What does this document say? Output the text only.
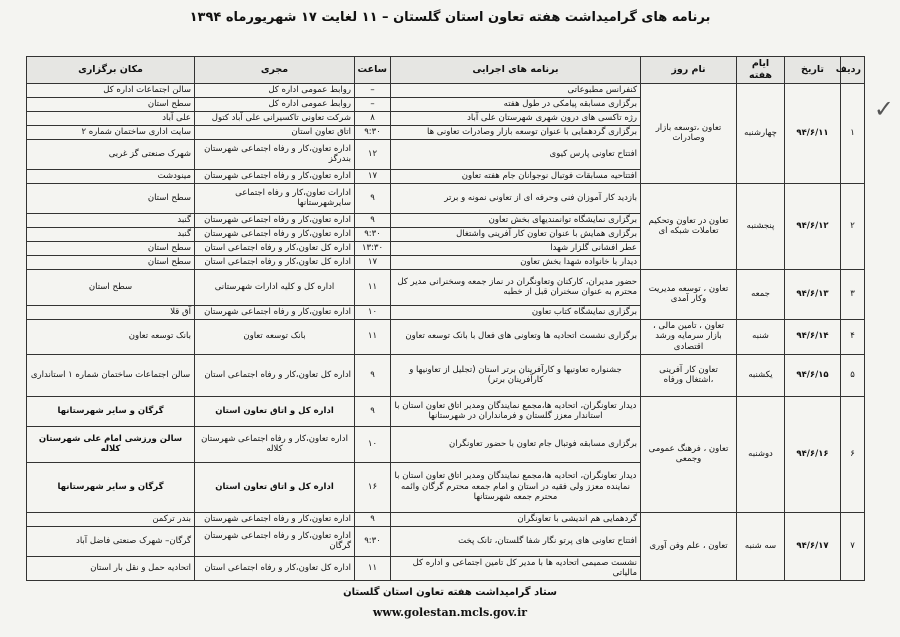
برنامه های گرامیداشت هفته تعاون استان گلستان – ۱۱ لغایت ۱۷ شهریورماه ۱۳۹۴
✓
ردیف	تاریخ	ایام هفته	نام روز	برنامه های اجرایی	ساعت	مجری	مکان برگزاری
۱	۹۴/۶/۱۱	چهارشنبه	تعاون ،توسعه بازار وصادرات	کنفرانس مطبوعاتی	–	روابط عمومی اداره کل	سالن اجتماعات اداره کل
				برگزاری مسابقه پیامکی در طول هفته	–	روابط عمومی اداره کل	سطح استان
				رژه تاکسی های درون شهری شهرستان علی آباد	۸	شرکت تعاونی تاکسیرانی علی آباد کتول	علی آباد
				برگزاری گردهمایی با عنوان توسعه بازار وصادرات تعاونی ها	۹:۳۰	اتاق تعاون استان	سایت اداری ساختمان شماره ۲
				افتتاح تعاونی پارس کیوی	۱۲	اداره تعاون،کار و رفاه اجتماعی شهرستان بندرگز	شهرک صنعتی گز غربی
				افتتاحیه مسابقات فوتبال نوجوانان جام هفته تعاون	۱۷	اداره تعاون،کار و رفاه اجتماعی شهرستان	مینودشت
۲	۹۴/۶/۱۲	پنجشنبه	تعاون در تعاون وتحکیم تعاملات شبکه ای	بازدید کار آموزان فنی وحرفه ای از تعاونی نمونه و برتر	۹	ادارات تعاون،کار و رفاه اجتماعی سایرشهرستانها	سطح استان
				برگزاری نمایشگاه توانمندیهای بخش تعاون	۹	اداره تعاون،کار و رفاه اجتماعی شهرستان	گنبد
				برگزاری همایش با عنوان تعاون کار آفرینی واشتغال	۹:۳۰	اداره تعاون،کار و رفاه اجتماعی شهرستان	گنبد
				عطر افشانی گلزار شهدا	۱۳:۳۰	اداره کل تعاون،کار و رفاه اجتماعی استان	سطح استان
				دیدار با خانواده شهدا بخش تعاون	۱۷	اداره کل تعاون،کار و رفاه اجتماعی استان	سطح استان
۳	۹۴/۶/۱۳	جمعه	تعاون ، توسعه مدیریت وکار آمدی	حضور مدیران، کارکنان وتعاونگران در نماز جمعه وسخنرانی مدیر کل محترم به عنوان سخنران قبل از خطبه	۱۱	اداره کل و کلیه ادارات شهرستانی	سطح استان
				برگزاری نمایشگاه کتاب تعاون	۱۰	اداره تعاون،کار و رفاه اجتماعی شهرستان	آق قلا
۴	۹۴/۶/۱۴	شنبه	تعاون ، تامین مالی ، بازار سرمایه ورشد اقتصادی	برگزاری نشست اتحادیه ها وتعاونی های فعال با بانک توسعه تعاون	۱۱	بانک توسعه تعاون	بانک توسعه تعاون
۵	۹۴/۶/۱۵	یکشنبه	تعاون کار آفرینی ،اشتغال ورفاه	جشنواره تعاونیها و کارآفرینان برتر استان (تجلیل از تعاونیها و کارآفرینان برتر)	۹	اداره کل تعاون،کار و رفاه اجتماعی استان	سالن اجتماعات ساختمان شماره ۱ استانداری
۶	۹۴/۶/۱۶	دوشنبه	تعاون ، فرهنگ عمومی وجمعی	دیدار تعاونگران، اتحادیه ها،مجمع نمایندگان ومدیر اتاق تعاون استان با استاندار معزز گلستان و فرمانداران در شهرستانها	۹	اداره کل و اتاق تعاون استان	گرگان و سایر شهرستانها
				برگزاری مسابقه فوتبال جام تعاون با حضور تعاونگران	۱۰	اداره تعاون،کار و رفاه اجتماعی شهرستان کلاله	سالن ورزشی امام علی شهرستان کلاله
				دیدار تعاونگران، اتحادیه ها،مجمع نمایندگان ومدیر اتاق تعاون استان با نماینده معزز ولی فقیه در استان و امام جمعه محترم گرگان وائمه محترم جمعه شهرستانها	۱۶	اداره کل و اتاق تعاون استان	گرگان و سایر شهرستانها
۷	۹۴/۶/۱۷	سه شنبه	تعاون ، علم وفن آوری	گردهمایی هم اندیشی با تعاونگران	۹	اداره تعاون،کار و رفاه اجتماعی شهرستان	بندر ترکمن
				افتتاح تعاونی های پرتو نگار شفا گلستان، تانک پخت	۹:۳۰	اداره تعاون،کار و رفاه اجتماعی شهرستان گرگان	گرگان– شهرک صنعتی فاضل آباد
				نشست صمیمی اتحادیه ها با مدیر کل تامین اجتماعی و اداره کل مالیاتی	۱۱	اداره کل تعاون،کار و رفاه اجتماعی استان	اتحادیه حمل و نقل بار استان
ستاد گرامیداشت هفته تعاون استان گلستان
www.golestan.mcls.gov.ir
